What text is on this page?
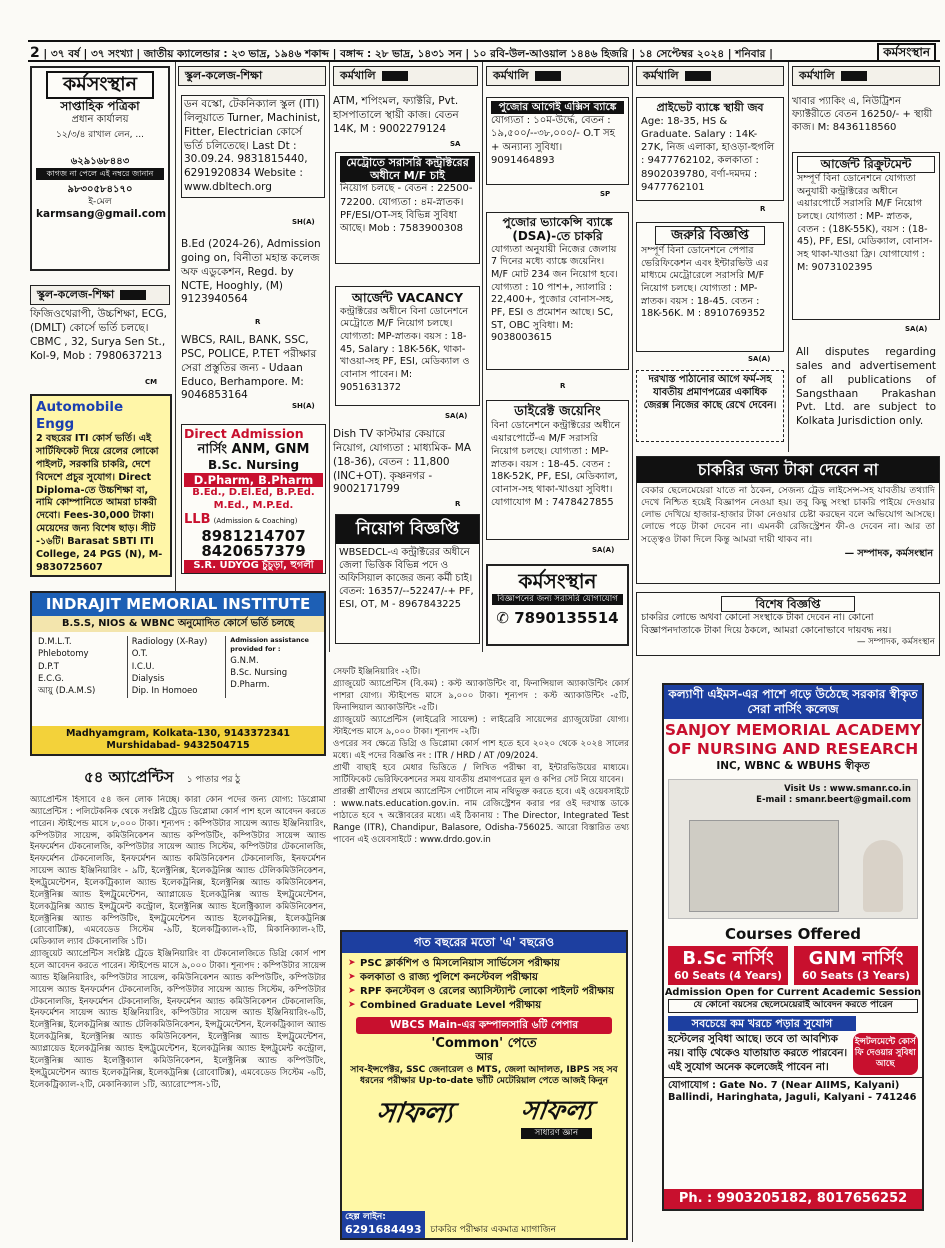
2 | ৩৭ বর্ষ | ৩৭ সংখ্যা | জাতীয় ক্যালেন্ডার : ২৩ ভাদ্র, ১৯৪৬ শকাব্দ | বঙ্গাব্দ : ২৮ ভাদ্র, ১৪৩১ সন | ১০ রবি-উল-আওয়াল ১৪৪৬ হিজরি | ১৪ সেপ্টেম্বর ২০২৪ | শনিবার |	কর্মসংস্থান
কর্মসংস্থান
সাপ্তাহিক পত্রিকা
প্রধান কার্যালয়
১২/৩/৪ রাখাল লেন, ...
৬২৯১৬৮৪৪৩
কাগজ না পেলে এই নম্বরে জানান
৯৮৩০৫৮৪১৭০
ই-মেল
karmsang@gmail.com
স্কুল-কলেজ-শিক্ষা
ফিজিওথেরাপী, উচ্চশিক্ষা, ECG, (DMLT) কোর্সে ভর্তি চলছে। CBMC , 32, Surya Sen St., Kol-9, Mob : 7980637213
CM
Automobile Engg
2 বছরের ITI কোর্স ভর্তি। এই সার্টিফিকেট দিয়ে রেলের লোকো পাইলট, সরকারি চাকরি, দেশে বিদেশে প্রচুর সুযোগ। Direct Diploma-তে উচ্চশিক্ষা বা, নামি কোম্পানিতে আমরা চাকরী দেবো। Fees-30,000 টাকা। মেয়েদের জন্য বিশেষ ছাড়। সীট -১৬টি। Barasat SBTI ITI College, 24 PGS (N), M-9830725607
স্কুল-কলেজ-শিক্ষা
ডন বস্কো, টেকনিক্যাল স্কুল (ITI) লিলুয়াতে Turner, Machinist, Fitter, Electrician কোর্সে ভর্তি চলিতেছে। Last Dt : 30.09.24. 9831815440, 6291920834 Website : www.dbltech.org
SH(A)
B.Ed (2024-26), Admission going on, বিনীতা মহান্ত কলেজ অফ এডুকেশন, Regd. by NCTE, Hooghly, (M) 9123940564
R
WBCS, RAIL, BANK, SSC, PSC, POLICE, P.TET পরীক্ষার সেরা প্রস্তুতির জন্য - Udaan Educo, Berhampore. M: 9046853164
SH(A)
Direct Admission
নার্সিং ANM, GNM
B.Sc. Nursing
D.Pharm, B.Pharm
B.Ed., D.El.Ed, B.P.Ed. M.Ed., M.P.Ed.
LLB (Admission & Coaching)
8981214707
8420657379
S.R. UDYOG চুঁচুড়া, হুগলী
কর্মখালি
ATM, শপিংমল, ফ্যাক্টরি, Pvt. হাসপাতালে স্থায়ী কাজ। বেতন 14K, M : 9002279124
SA
মেট্রোতে সরাসরি কন্ট্রাক্টরের অধীনে M/F চাই
নিয়োগ চলছে - বেতন : 22500-72200. যোগ্যতা : ৪ম-স্নাতক। PF/ESI/OT-সহ বিভিন্ন সুবিধা আছে। Mob : 7583900308
আর্জেন্ট VACANCY
কন্ট্রাক্টরের অধীনে বিনা ডোনেশনে মেট্রোতে M/F নিয়োগ চলছে। যোগ্যতা: MP-স্নাতক। বয়স : 18-45, Salary : 18K-56K, থাকা-খাওয়া-সহ PF, ESI, মেডিক্যাল ও বোনাস পাবেন। M: 9051631372
SA(A)
Dish TV কাস্টমার কেয়ারে নিয়োগ, যোগ্যতা : মাধ্যমিক- MA (18-36), বেতন : 11,800 (INC+OT). কৃষ্ণনগর - 9002171799
R
নিয়োগ বিজ্ঞপ্তি
WBSEDCL-এ কন্ট্রাক্টরের অধীনে জেলা ভিত্তিক বিভিন্ন পদে ও অফিসিয়াল কাজের জন্য কর্মী চাই। বেতন: 16357/--52247/-+ PF, ESI, OT, M - 8967843225
কর্মখালি
পুজোর আগেই এক্সিস ব্যাঙ্কে
যোগ্যতা : ১০ম-উর্দ্ধে, বেতন : ১৯,৫০০/--৩৮,০০০/- O.T সহ + অন্যান্য সুবিধা। 9091464893
SP
পুজোর ভ্যাকেন্সি ব্যাঙ্কে (DSA)-তে চাকরি
যোগ্যতা অনুযায়ী নিজের জেলায় 7 দিনের মধ্যে ব্যাঙ্কে জয়েনিং। M/F মোট 234 জন নিয়োগ হবে। যোগ্যতা : 10 পাশ+, স্যালারি : 22,400+, পুজোর বোনাস-সহ, PF, ESI ও প্রমোশন আছে। SC, ST, OBC সুবিধা। M: 9038003615
R
ডাইরেক্ট জয়েনিং
বিনা ডোনেশনে কন্ট্রাক্টরের অধীনে এয়ারপোর্টে-এ M/F সরাসরি নিয়োগ চলছে। যোগ্যতা : MP-স্নাতক। বয়স : 18-45. বেতন : 18K-52K, PF, ESI, মেডিক্যাল, বোনাস-সহ থাকা-খাওয়া সুবিধা। যোগাযোগ M : 7478427855
SA(A)
কর্মসংস্থান
বিজ্ঞাপনের জন্য সরাসরি যোগাযোগ
✆ 7890135514
কর্মখালি
প্রাইভেট ব্যাঙ্কে স্থায়ী জব
Age: 18-35, HS & Graduate. Salary : 14K-27K, নিজ এলাকা, হাওড়া-হুগলি : 9477762102, কলকাতা : 8902039780, বর্ণা-দমদম : 9477762101
R
জরুরি বিজ্ঞপ্তি
সম্পূর্ণ বিনা ডোনেশনে পেপার ভেরিফিকেশন এবং ইন্টারভিউ এর মাধ্যমে মেট্রোরেলে সরাসরি M/F নিয়োগ চলছে। যোগ্যতা : MP-স্নাতক। বয়স : 18-45. বেতন : 18K-56K. M : 8910769352
SA(A)
দরখাস্ত পাঠানোর আগে ফর্ম-সহ যাবতীয় প্রমাণপত্রের একাধিক জেরক্স নিজের কাছে রেখে দেবেন।
কর্মখালি
খাবার প্যাকিং এ, নিউট্রিশন ফ্যাক্টরীতে বেতন 16250/- + স্থায়ী কাজ। M: 8436118560
আর্জেন্ট রিক্রুটমেন্ট
সম্পূর্ণ বিনা ডোনেশনে যোগ্যতা অনুযায়ী কন্ট্রাক্টরের অধীনে এয়ারপোর্টে সরাসরি M/F নিয়োগ চলছে। যোগ্যতা : MP- স্নাতক, বেতন : (18K-55K), বয়স : (18-45), PF, ESI, মেডিক্যাল, বোনাস-সহ থাকা-খাওয়া ফ্রি। যোগাযোগ : M: 9073102395
SA(A)
All disputes regarding sales and advertisement of all publications of Sangsthaan Prakashan Pvt. Ltd. are subject to Kolkata Jurisdiction only.
চাকরির জন্য টাকা দেবেন না
বেকার ছেলেমেয়েরা যাতে না ঠকেন, সেজন্য ট্রেড লাইসেন্স-সহ যাবতীয় তথ্যাদি দেখে নিশ্চিত হয়েই বিজ্ঞাপন নেওয়া হয়। তবু কিছু সংস্থা চাকরি পাইয়ে দেওয়ার লোভ দেখিয়ে হাজার-হাজার টাকা নেওয়ার চেষ্টা করছেন বলে অভিযোগ আসছে। লোভে পড়ে টাকা দেবেন না। এমনকী রেজিস্ট্রেশন ফী-ও দেবেন না। আর তা সত্ত্বেও টাকা দিলে কিন্তু আমরা দায়ী থাকব না।
— সম্পাদক, কর্মসংস্থান
বিশেষ বিজ্ঞপ্তি
চাকরির লোভে অথবা কোনো সংস্থাকে টাকা দেবেন না। কোনো বিজ্ঞাপনদাতাকে টাকা দিয়ে ঠকলে, আমরা কোনোভাবে দায়বদ্ধ নয়।
— সম্পাদক, কর্মসংস্থান
INDRAJIT MEMORIAL INSTITUTE
B.S.S, NIOS & WBNC অনুমোদিত কোর্সে ভর্তি চলছে
D.M.L.T.
Phlebotomy
D.P.T
E.C.G.
আয়ু (D.A.M.S)
Radiology (X-Ray)
O.T.
I.C.U.
Dialysis
Dip. In Homoeo
Admission assistance provided for :
G.N.M.
B.Sc. Nursing
D.Pharm.
Madhyamgram, Kolkata-130, 9143372341
Murshidabad- 9432504715
৫৪ অ্যাপ্রেন্টিস ১ পাতার পর ঠু

অ্যাপ্রেন্টিস হিসাবে ৫৪ জন লোক নিচ্ছে। কারা কোন পদের জন্য যোগ্য: ডিপ্লোমা অ্যাপ্রেন্টিস : পলিটেকনিক থেকে সংশ্লিষ্ট ট্রেডে ডিপ্লোমা কোর্স পাশ হলে আবেদন করতে পারেন। স্টাইপেন্ড মাসে ৮,০০০ টাকা। শূন্যপদ : কম্পিউটার সায়েন্স অ্যান্ড ইঞ্জিনিয়ারিং, কম্পিউটার সায়েন্স, কমিউনিকেশন অ্যান্ড কম্পিউটিং, কম্পিউটার সায়েন্স অ্যান্ড ইনফর্মেশন টেকনোলজি, কম্পিউটার সায়েন্স অ্যান্ড সিস্টেম, কম্পিউটার টেকনোলজি, ইনফর্মেশন টেকনোলজি, ইনফর্মেশন অ্যান্ড কমিউনিকেশন টেকনোলজি, ইনফর্মেশন সায়েন্স অ্যান্ড ইঞ্জিনিয়ারিং - ৯টি, ইলেক্ট্রনিক্স, ইলেকট্রনিক্স অ্যান্ড টেলিকমিউনিকেশন, ইন্সট্রুমেন্টেশন, ইলেকট্রিক্যাল অ্যান্ড ইলেকট্রনিক্স, ইলেক্ট্রনিক্স অ্যান্ড কমিউনিকেশন, ইলেক্ট্রনিক্স অ্যান্ড ইন্সট্রুমেন্টেশন, অ্যাপ্লায়েড ইলেকট্রনিক্স অ্যান্ড ইন্সট্রুমেন্টেশন, ইলেকট্রনিক্স অ্যান্ড ইন্সট্রুমেন্ট কন্ট্রোল, ইলেক্ট্রনিক্স অ্যান্ড ইলেক্ট্রিক্যাল কমিউনিকেশন, ইলেক্ট্রনিক্স অ্যান্ড কম্পিউটিং, ইন্সট্রুমেন্টেশন অ্যান্ড ইলেকট্রনিক্স, ইলেকট্রনিক্স (রোবোটিক্স), এমবেডেড সিস্টেম -৯টি, ইলেকট্রিক্যাল-২টি, মিকানিক্যাল-২টি, মেডিক্যাল ল্যাব টেকনোলজি ১টি।

গ্র্যাজুয়েট অ্যাপ্রেন্টিস সংশ্লিষ্ট ট্রেডে ইঞ্জিনিয়ারিং বা টেকনোলজিতে ডিগ্রি কোর্স পাশ হলে আবেদন করতে পারেন। স্টাইপেন্ড মাসে ৯,০০০ টাকা। শূন্যপদ : কম্পিউটার সায়েন্স অ্যান্ড ইঞ্জিনিয়ারিং, কম্পিউটার সায়েন্স, কমিউনিকেশন অ্যান্ড কম্পিউটিং, কম্পিউটার সায়েন্স অ্যান্ড ইনফর্মেশন টেকনোলজি, কম্পিউটার সায়েন্স অ্যান্ড সিস্টেম, কম্পিউটার টেকনোলজি, ইনফর্মেশন টেকনোলজি, ইনফর্মেশন অ্যান্ড কমিউনিকেশন টেকনোলজি, ইনফর্মেশন সায়েন্স অ্যান্ড ইঞ্জিনিয়ারিং, কম্পিউটার সায়েন্স অ্যান্ড ইঞ্জিনিয়ারিং-৬টি, ইলেক্ট্রনিক্স, ইলেকট্রনিক্স অ্যান্ড টেলিকমিউনিকেশন, ইন্সট্রুমেন্টেশন, ইলেকট্রিক্যাল অ্যান্ড ইলেকট্রনিক্স, ইলেক্ট্রনিক্স অ্যান্ড কমিউনিকেশন, ইলেক্ট্রনিক্স অ্যান্ড ইন্সট্রুমেন্টেশন, অ্যাপ্লায়েড ইলেকট্রনিক্স অ্যান্ড ইন্সট্রুমেন্টেশন, ইলেকট্রনিক্স অ্যান্ড ইন্সট্রুমেন্ট কন্ট্রোল, ইলেক্ট্রনিক্স অ্যান্ড ইলেক্ট্রিক্যাল কমিউনিকেশন, ইলেক্ট্রনিক্স অ্যান্ড কম্পিউটিং, ইন্সট্রুমেন্টেশন অ্যান্ড ইলেকট্রনিক্স, ইলেকট্রনিক্স (রোবোটিক্স), এমবেডেড সিস্টেম -৬টি, ইলেকট্রিক্যাল-২টি, মেকানিক্যাল ১টি, অ্যারোস্পেস-১টি,

সেফটি ইঞ্জিনিয়ারিং -২টি।

গ্র্যাজুয়েট অ্যাপ্রেন্টিস (বি.কম) : কস্ট অ্যাকাউন্টিং বা, ফিনান্সিয়াল অ্যাকাউন্টিং কোর্স পাশরা যোগ্য। স্টাইপেন্ড মাসে ৯,০০০ টাকা। শূন্যপদ : কস্ট অ্যাকাউন্টিং -৫টি, ফিনান্সিয়াল অ্যাকাউন্টিং -৫টি।

গ্র্যাজুয়েট অ্যাপ্রেন্টিস (লাইব্রেরি সায়েন্স) : লাইব্রেরি সায়েন্সের গ্র্যাজুয়েটরা যোগ্য। স্টাইপেন্ড মাসে ৯,০০০ টাকা। শূন্যপদ -২টি।

ওপরের সব ক্ষেত্রে ডিগ্রি ও ডিপ্লোমা কোর্স পাশ হতে হবে ২০২০ থেকে ২০২৪ সালের মধ্যে। এই পদের বিজ্ঞপ্তি নং : ITR / HRD / AT /09/2024.

প্রার্থী বাছাই হবে মেধার ভিত্তিতে / লিখিত পরীক্ষা বা, ইন্টারভিউয়ের মাধ্যমে। সার্টিফিকেট ভেরিফিকেশনের সময় যাবতীয় প্রমাণপত্রের মূল ও কপির সেট নিয়ে যাবেন।

প্রারম্ভী প্রার্থীদের প্রথমে অ্যাপ্রেন্টিস পোর্টালে নাম নথিভুক্ত করতে হবে। এই ওয়েবসাইটে : www.nats.education.gov.in. নাম রেজিস্ট্রেশন করার পর ওই দরখাস্ত ডাকে পাঠাতে হবে ৭ অক্টোবরের মধ্যে। এই ঠিকানায় : The Director, Integrated Test Range (ITR), Chandipur, Balasore, Odisha-756025. আরো বিস্তারিত তথ্য পাবেন এই ওয়েবসাইটে : www.drdo.gov.in

গত বছরের মতো 'এ' বছরেও
➤ PSC ক্লার্কশিপ ও মিসলেনিয়াস সার্ভিসেস পরীক্ষায়
➤ কলকাতা ও রাজ্য পুলিশে কনস্টেবল পরীক্ষায়
➤ RPF কনস্টেবল ও রেলের অ্যাসিস্ট্যান্ট লোকো পাইলট পরীক্ষায়
➤ Combined Graduate Level পরীক্ষায়
WBCS Main-এর কম্পালসারি ৬টি পেপার
'Common' পেতে
আর
সাব-ইন্সপেক্টর, SSC জেনারেল ও MTS, জেলা আদালত, IBPS সহ সব ধরনের পরীক্ষার Up-to-date ভাঁটি মেটেরিয়াল পেতে আজই কিনুন
সাফল্য সাফল্য
সাধারণ জ্ঞান
হেল্প লাইন:
6291684493	চাকরির পরীক্ষার একমাত্র ম্যাগাজিন
কল্যাণী এইমস-এর পাশে গড়ে উঠেছে সরকার স্বীকৃত সেরা নার্সিং কলেজ
SANJOY MEMORIAL ACADEMY
OF NURSING AND RESEARCH
INC, WBNC & WBUHS স্বীকৃত
Visit Us : www.smanr.co.in
E-mail : smanr.beert@gmail.com
Courses Offered
B.Sc নার্সিং
60 Seats (4 Years)
GNM নার্সিং
60 Seats (3 Years)
Admission Open for Current Academic Session
যে কোনো বয়সের ছেলেমেয়েরাই আবেদন করতে পারেন
সবচেয়ে কম খরচে পড়ার সুযোগ
হস্টেলের সুবিধা আছে। তবে তা আবশ্যিক নয়। বাড়ি থেকেও যাতায়াত করতে পারবেন। এই সুযোগ অনেক কলেজেই পাবেন না।
ইন্সটলমেন্টে কোর্স ফি দেওয়ার সুবিধা আছে
যোগাযোগ : Gate No. 7 (Near AIIMS, Kalyani) Ballindi, Haringhata, Jaguli, Kalyani - 741246
Ph. : 9903205182, 8017656252
